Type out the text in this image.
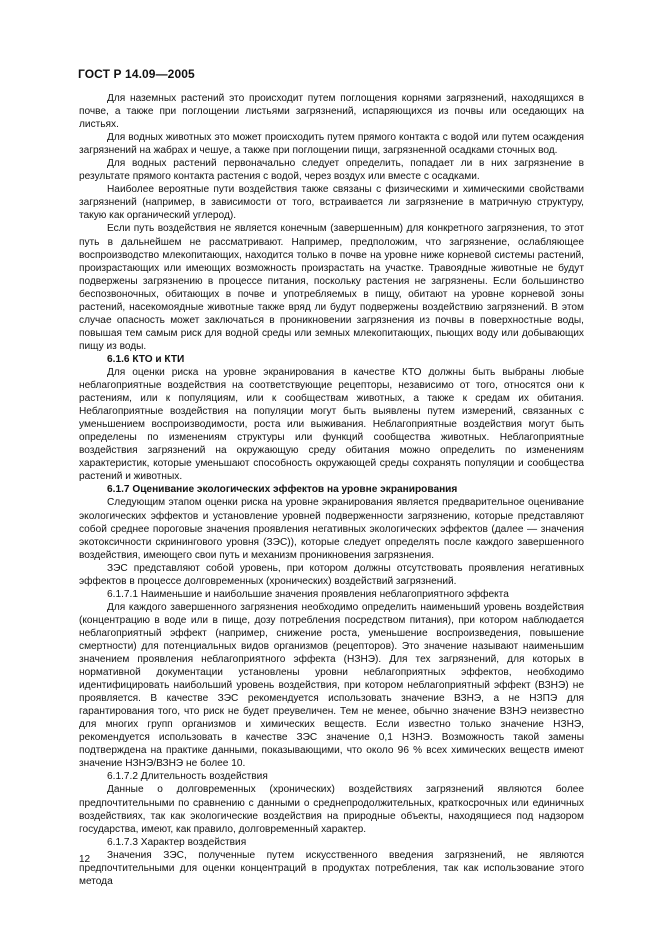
ГОСТ Р 14.09—2005

Для наземных растений это происходит путем поглощения корнями загрязнений, находящихся в почве, а также при поглощении листьями загрязнений, испаряющихся из почвы или оседающих на листьях.

Для водных животных это может происходить путем прямого контакта с водой или путем осаждения загрязнений на жабрах и чешуе, а также при поглощении пищи, загрязненной осадками сточных вод.

Для водных растений первоначально следует определить, попадает ли в них загрязнение в результате прямого контакта растения с водой, через воздух или вместе с осадками.

Наиболее вероятные пути воздействия также связаны с физическими и химическими свойствами загрязнений (например, в зависимости от того, встраивается ли загрязнение в матричную структуру, такую как органический углерод).

Если путь воздействия не является конечным (завершенным) для конкретного загрязнения, то этот путь в дальнейшем не рассматривают. Например, предположим, что загрязнение, ослабляющее воспроизводство млекопитающих, находится только в почве на уровне ниже корневой системы растений, произрастающих или имеющих возможность произрастать на участке. Травоядные животные не будут подвержены загрязнению в процессе питания, поскольку растения не загрязнены. Если большинство беспозвоночных, обитающих в почве и употребляемых в пищу, обитают на уровне корневой зоны растений, насекомоядные животные также вряд ли будут подвержены воздействию загрязнений. В этом случае опасность может заключаться в проникновении загрязнения из почвы в поверхностные воды, повышая тем самым риск для водной среды или земных млекопитающих, пьющих воду или добывающих пищу из воды.

6.1.6 КТО и КТИ

Для оценки риска на уровне экранирования в качестве КТО должны быть выбраны любые неблагоприятные воздействия на соответствующие рецепторы, независимо от того, относятся они к растениям, или к популяциям, или к сообществам животных, а также к средам их обитания. Неблагоприятные воздействия на популяции могут быть выявлены путем измерений, связанных с уменьшением воспроизводимости, роста или выживания. Неблагоприятные воздействия могут быть определены по изменениям структуры или функций сообщества животных. Неблагоприятные воздействия загрязнений на окружающую среду обитания можно определить по изменениям характеристик, которые уменьшают способность окружающей среды сохранять популяции и сообщества растений и животных.

6.1.7 Оценивание экологических эффектов на уровне экранирования

Следующим этапом оценки риска на уровне экранирования является предварительное оценивание экологических эффектов и установление уровней подверженности загрязнению, которые представляют собой среднее пороговые значения проявления негативных экологических эффектов (далее — значения экотоксичности скринингового уровня (ЗЭС)), которые следует определять после каждого завершенного воздействия, имеющего свои путь и механизм проникновения загрязнения.

ЗЭС представляют собой уровень, при котором должны отсутствовать проявления негативных эффектов в процессе долговременных (хронических) воздействий загрязнений.

6.1.7.1 Наименьшие и наибольшие значения проявления неблагоприятного эффекта

Для каждого завершенного загрязнения необходимо определить наименьший уровень воздействия (концентрацию в воде или в пище, дозу потребления посредством питания), при котором наблюдается неблагоприятный эффект (например, снижение роста, уменьшение воспроизведения, повышение смертности) для потенциальных видов организмов (рецепторов). Это значение называют наименьшим значением проявления неблагоприятного эффекта (НЗНЭ). Для тех загрязнений, для которых в нормативной документации установлены уровни неблагоприятных эффектов, необходимо идентифицировать наибольший уровень воздействия, при котором неблагоприятный эффект (ВЗНЭ) не проявляется. В качестве ЗЭС рекомендуется использовать значение ВЗНЭ, а не НЗПЭ для гарантирования того, что риск не будет преувеличен. Тем не менее, обычно значение ВЗНЭ неизвестно для многих групп организмов и химических веществ. Если известно только значение НЗНЭ, рекомендуется использовать в качестве ЗЭС значение 0,1 НЗНЭ. Возможность такой замены подтверждена на практике данными, показывающими, что около 96 % всех химических веществ имеют значение НЗНЭ/ВЗНЭ не более 10.

6.1.7.2 Длительность воздействия

Данные о долговременных (хронических) воздействиях загрязнений являются более предпочтительными по сравнению с данными о среднепродолжительных, краткосрочных или единичных воздействиях, так как экологические воздействия на природные объекты, находящиеся под надзором государства, имеют, как правило, долговременный характер.

6.1.7.3 Характер воздействия

Значения ЗЭС, полученные путем искусственного введения загрязнений, не являются предпочтительными для оценки концентраций в продуктах потребления, так как использование этого метода

12
